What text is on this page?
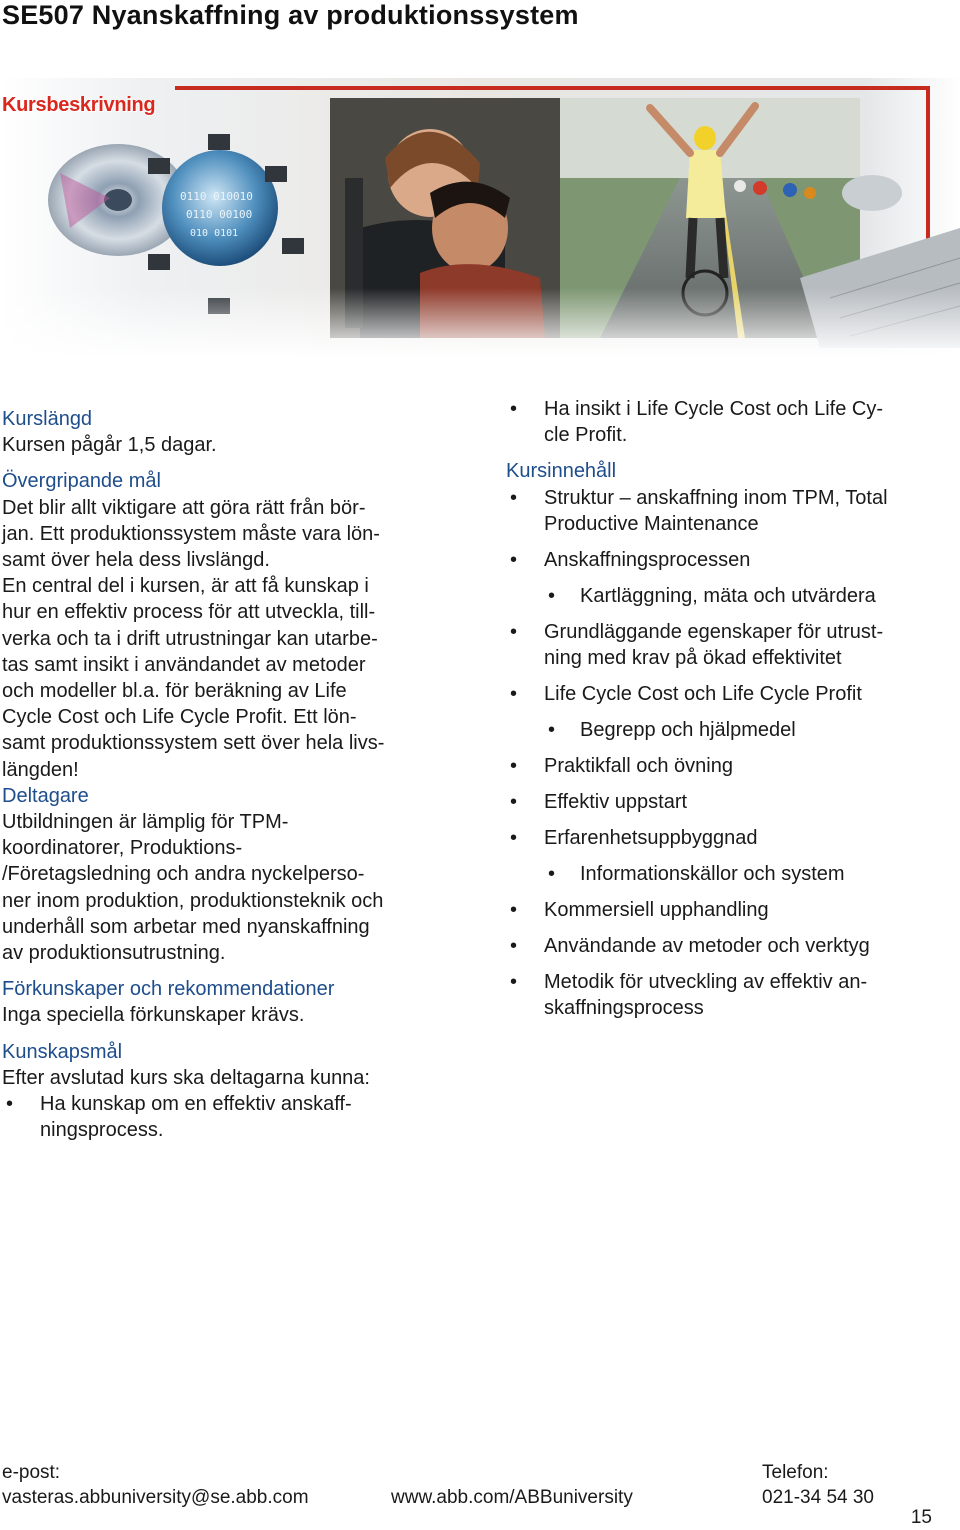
SE507 Nyanskaffning av produktionssystem
Kursbeskrivning
Kurslängd
Kursen pågår 1,5 dagar.
Övergripande mål
Det blir allt viktigare att göra rätt från bör-
jan. Ett produktionssystem måste vara lön-
samt över hela dess livslängd.
En central del i kursen, är att få kunskap i
hur en effektiv process för att utveckla, till-
verka och ta i drift utrustningar kan utarbe-
tas samt insikt i användandet av metoder
och modeller bl.a. för beräkning av Life
Cycle Cost och Life Cycle Profit. Ett lön-
samt produktionssystem sett över hela livs-
längden!
Deltagare
Utbildningen är lämplig för TPM-
koordinatorer, Produktions-
/Företagsledning och andra nyckelperso-
ner inom produktion, produktionsteknik och
underhåll som arbetar med nyanskaffning
av produktionsutrustning.
Förkunskaper och rekommendationer
Inga speciella förkunskaper krävs.
Kunskapsmål
Efter avslutad kurs ska deltagarna kunna:
• Ha kunskap om en effektiv anskaff-
ningsprocess.
• Ha insikt i Life Cycle Cost och Life Cy-
cle Profit.
Kursinnehåll
• Struktur – anskaffning inom TPM, Total
Productive Maintenance
• Anskaffningsprocessen
• Kartläggning, mäta och utvärdera
• Grundläggande egenskaper för utrust-
ning med krav på ökad effektivitet
• Life Cycle Cost och Life Cycle Profit
• Begrepp och hjälpmedel
• Praktikfall och övning
• Effektiv uppstart
• Erfarenhetsuppbyggnad
• Informationskällor och system
• Kommersiell upphandling
• Användande av metoder och verktyg
• Metodik för utveckling av effektiv an-
skaffningsprocess
e-post:
vasteras.abbuniversity@se.abb.com	www.abb.com/ABBuniversity
Telefon:
021-34 54 30
15
